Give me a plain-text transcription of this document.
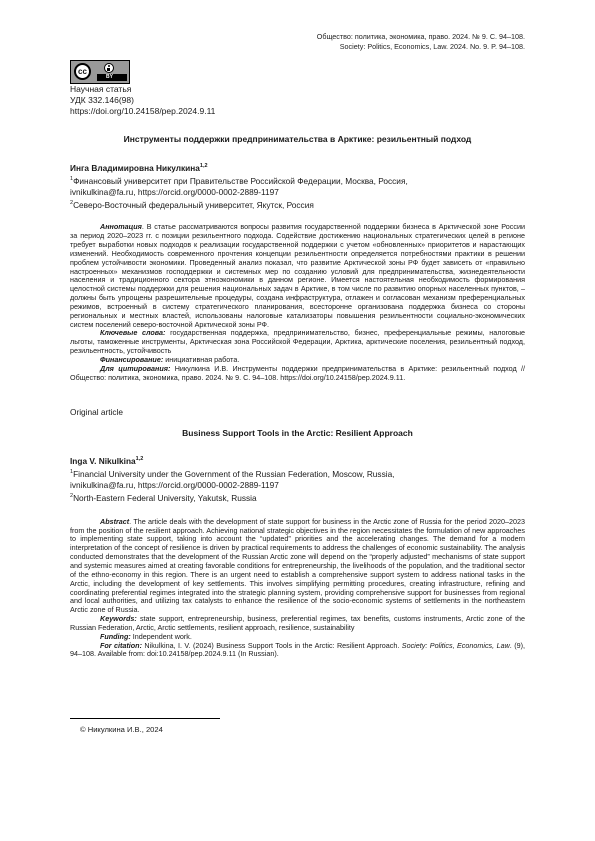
Общество: политика, экономика, право. 2024. № 9. С. 94–108.
Society: Politics, Economics, Law. 2024. No. 9. P. 94–108.
cc
BY
Научная статья
УДК 332.146(98)
https://doi.org/10.24158/pep.2024.9.11
Инструменты поддержки предпринимательства в Арктике: резильентный подход
Инга Владимировна Никулкина$^{1,2}$
$^1$Финансовый университет при Правительстве Российской Федерации, Москва, Россия,
ivnikulkina@fa.ru, https://orcid.org/0000-0002-2889-1197
$^2$Северо-Восточный федеральный университет, Якутск, Россия
Аннотация. В статье рассматриваются вопросы развития государственной поддержки бизнеса в Арктической зоне России за период 2020–2023 гг. с позиции резильентного подхода. Содействие достижению национальных стратегических целей в регионе требует выработки новых подходов к реализации государственной поддержки с учетом «обновленных» приоритетов и нарастающих изменений. Необходимость современного прочтения концепции резильентности определяется потребностями практики в решении проблем устойчивости экономики. Проведенный анализ показал, что развитие Арктической зоны РФ будет зависеть от «правильно настроенных» механизмов господдержки и системных мер по созданию условий для предпринимательства, жизнедеятельности населения и традиционного сектора этноэкономики в данном регионе. Имеется настоятельная необходимость формирования целостной системы поддержки для решения национальных задач в Арктике, в том числе по развитию опорных населенных пунктов, – должны быть упрощены разрешительные процедуры, создана инфраструктура, отлажен и согласован механизм преференциальных режимов, встроенный в систему стратегического планирования, всесторонне организована поддержка бизнеса со стороны региональных и местных властей, использованы налоговые катализаторы повышения резильентности социально-экономических систем поселений северо-восточной Арктической зоны РФ.
Ключевые слова: государственная поддержка, предпринимательство, бизнес, преференциальные режимы, налоговые льготы, таможенные инструменты, Арктическая зона Российской Федерации, Арктика, арктические поселения, резильентный подход, резильентность, устойчивость
Финансирование: инициативная работа.
Для цитирования: Никулкина И.В. Инструменты поддержки предпринимательства в Арктике: резильентный подход // Общество: политика, экономика, право. 2024. № 9. С. 94–108. https://doi.org/10.24158/pep.2024.9.11.
Original article
Business Support Tools in the Arctic: Resilient Approach
Inga V. Nikulkina$^{1,2}$
$^1$Financial University under the Government of the Russian Federation, Moscow, Russia,
ivnikulkina@fa.ru, https://orcid.org/0000-0002-2889-1197
$^2$North-Eastern Federal University, Yakutsk, Russia
Abstract. The article deals with the development of state support for business in the Arctic zone of Russia for the period 2020–2023 from the position of the resilient approach. Achieving national strategic objectives in the region necessitates the formulation of new approaches to implementing state support, taking into account the “updated” priorities and the accelerating changes. The demand for a modern interpretation of the concept of resilience is driven by practical requirements to address the challenges of economic sustainability. The analysis conducted demonstrates that the development of the Russian Arctic zone will depend on the “properly adjusted” mechanisms of state support and systemic measures aimed at creating favorable conditions for entrepreneurship, the livelihoods of the population, and the traditional sector of the ethno-economy in this region. There is an urgent need to establish a comprehensive support system to address national tasks in the Arctic, including the development of key settlements. This involves simplifying permitting procedures, creating infrastructure, refining and coordinating preferential regimes integrated into the strategic planning system, providing comprehensive support for businesses from regional and local authorities, and utilizing tax catalysts to enhance the resilience of the socio-economic systems of settlements in the northeastern Arctic zone of Russia.
Keywords: state support, entrepreneurship, business, preferential regimes, tax benefits, customs instruments, Arctic zone of the Russian Federation, Arctic, Arctic settlements, resilient approach, resilience, sustainability
Funding: Independent work.
For citation: Nikulkina, I. V. (2024) Business Support Tools in the Arctic: Resilient Approach. Society: Politics, Economics, Law. (9), 94–108. Available from: doi:10.24158/pep.2024.9.11 (In Russian).
© Никулкина И.В., 2024
